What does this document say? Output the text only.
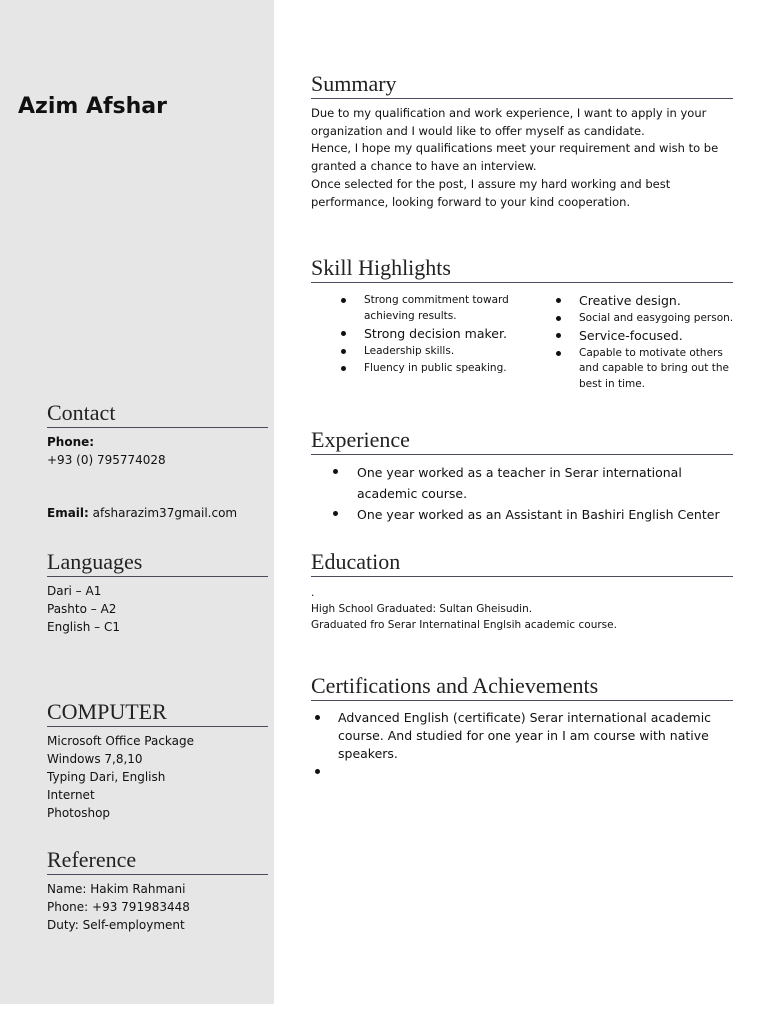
Azim Afshar
Contact
Phone:
+93 (0) 795774028
Email: afsharazim37gmail.com
Languages
Dari – A1
Pashto – A2
English – C1
COMPUTER
Microsoft Office Package
Windows 7,8,10
Typing Dari, English
Internet
Photoshop
Reference
Name: Hakim Rahmani
Phone: +93 791983448
Duty: Self-employment
Summary
Due to my qualification and work experience, I want to apply in your
organization and I would like to offer myself as candidate.
Hence, I hope my qualifications meet your requirement and wish to be
granted a chance to have an interview.
Once selected for the post, I assure my hard working and best
performance, looking forward to your kind cooperation.
Skill Highlights
Strong commitment toward achieving results.
Strong decision maker.
Leadership skills.
Fluency in public speaking.
Creative design.
Social and easygoing person.
Service-focused.
Capable to motivate others and capable to bring out the best in time.
Experience
One year worked as a teacher in Serar international academic course.
One year worked as an Assistant in Bashiri English Center
Education
.
High School Graduated: Sultan Gheisudin.
Graduated fro Serar Internatinal Englsih academic course.
Certifications and Achievements
Advanced English (certificate) Serar international academic course. And studied for one year in I am course with native speakers.
